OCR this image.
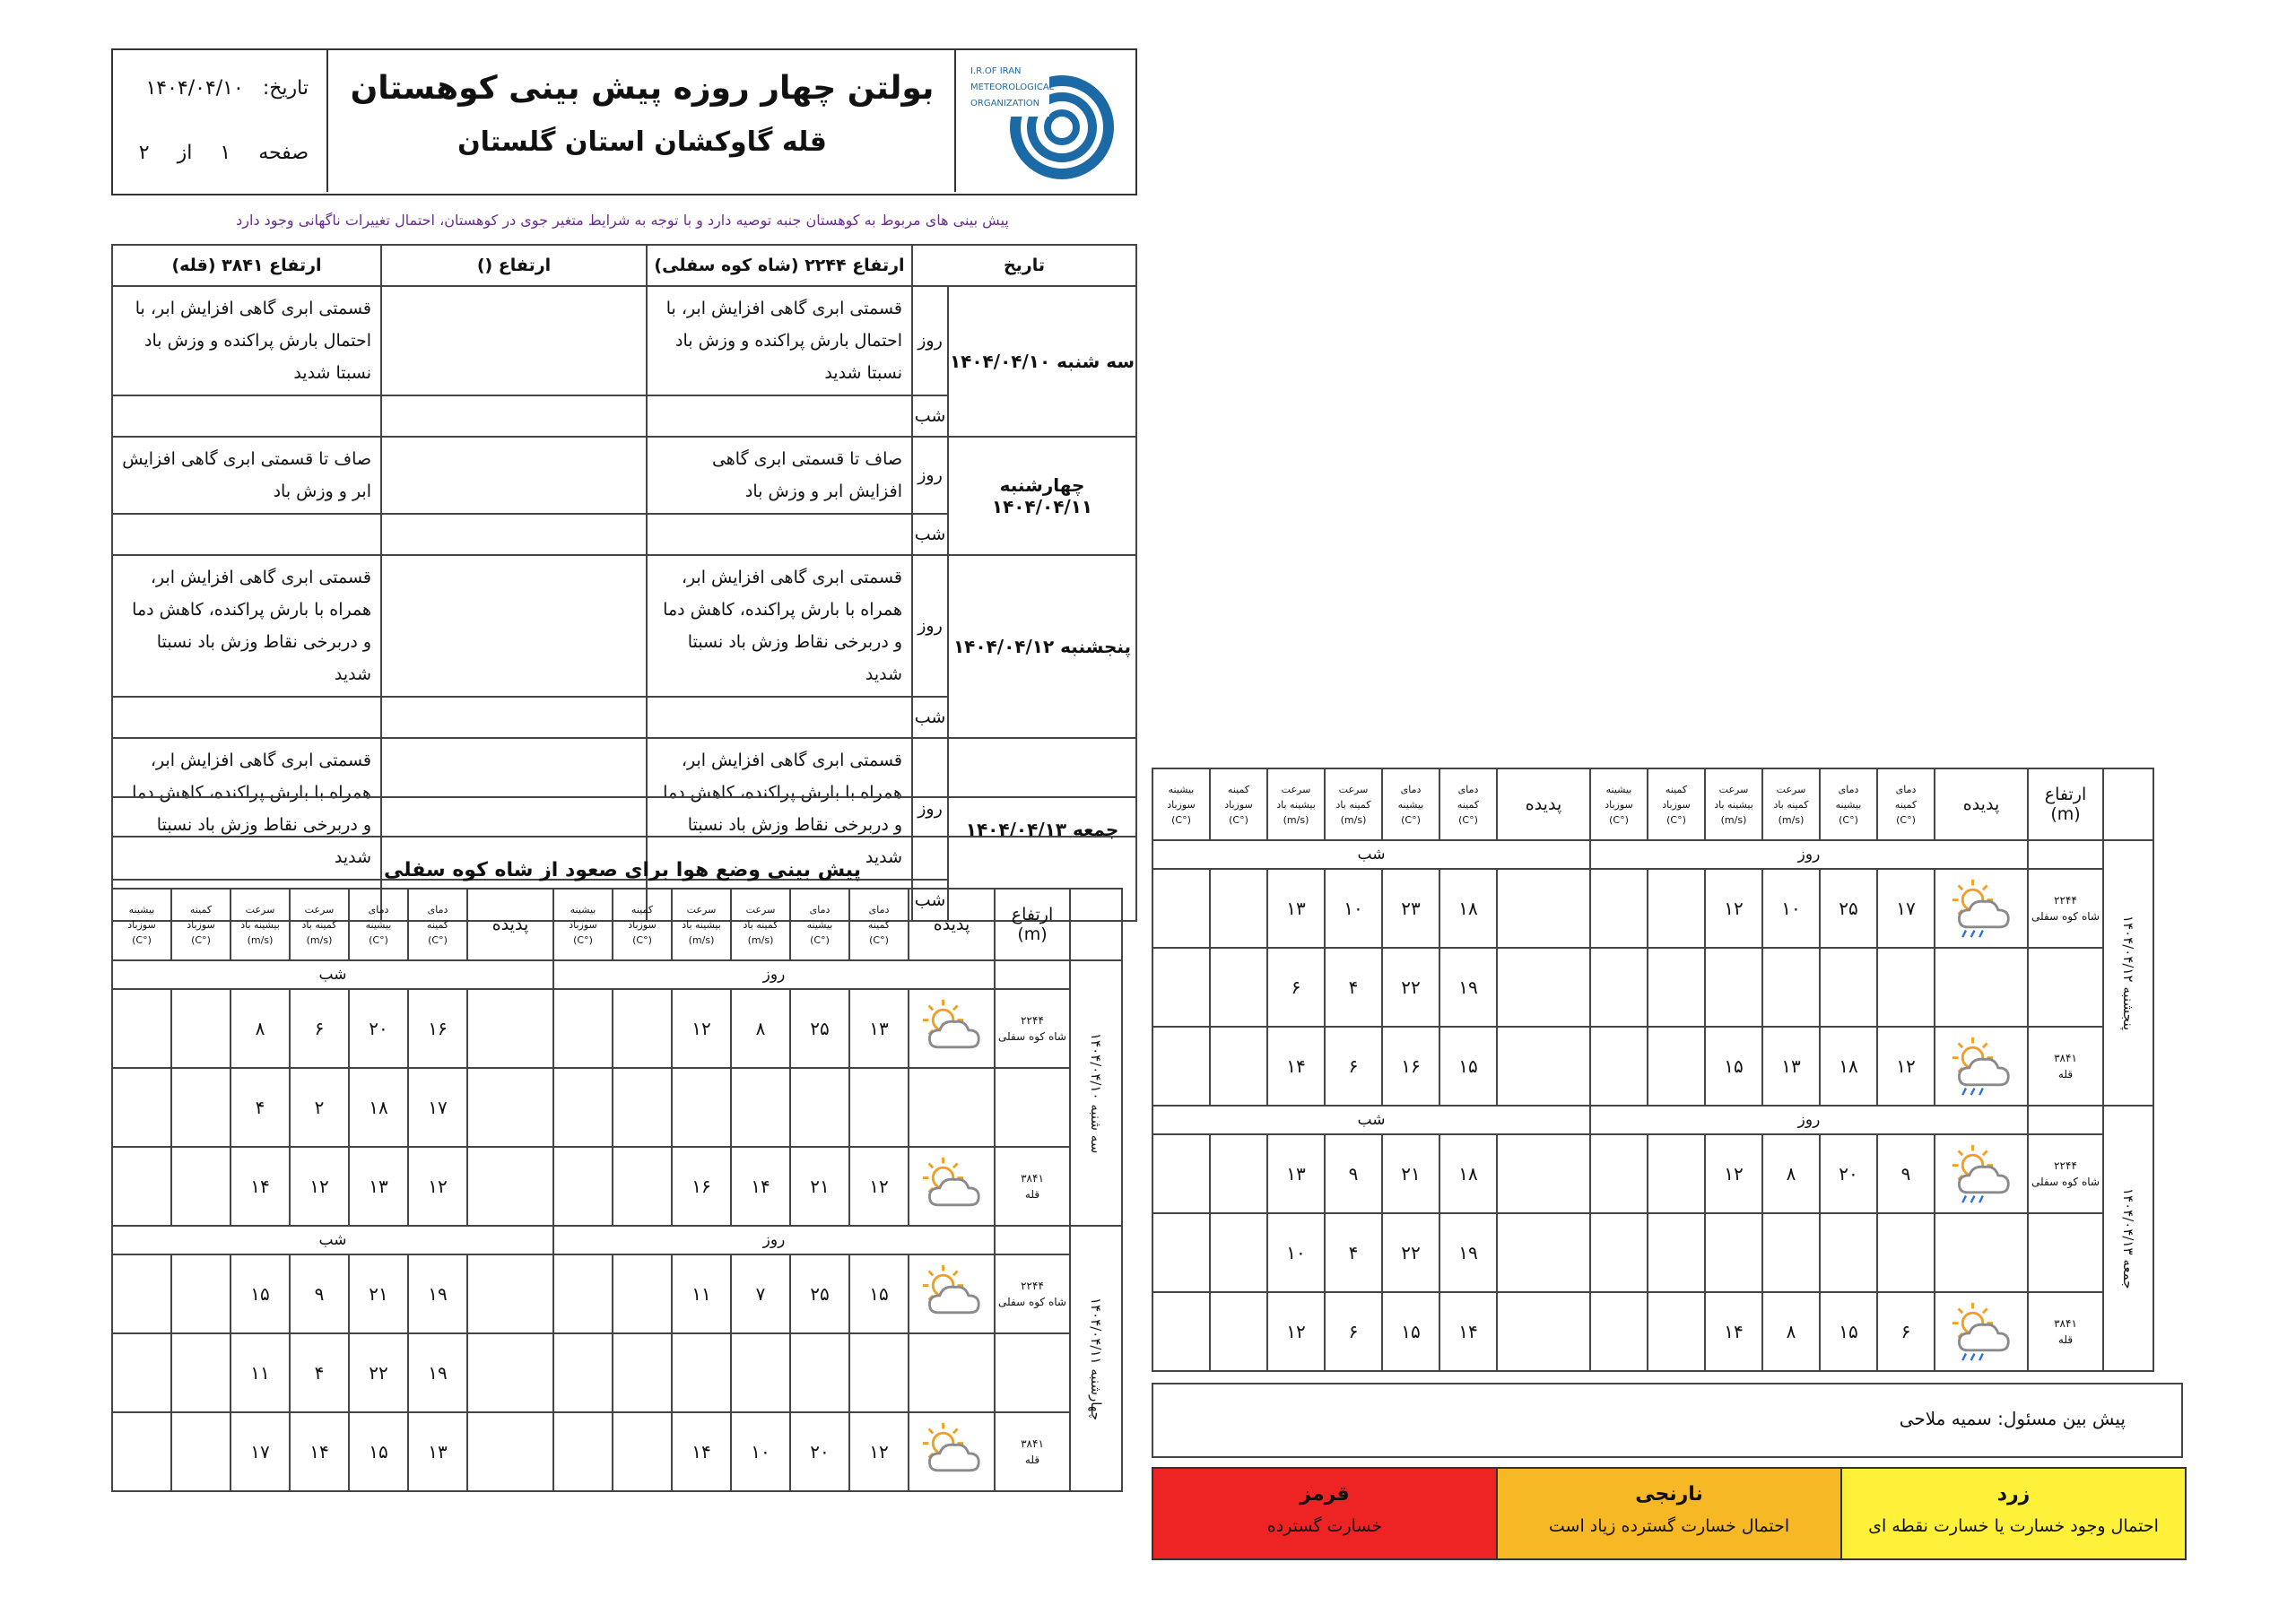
I.R.OF IRAN
METEOROLOGICAL
ORGANIZATION
بولتن چهار روزه پیش بینی کوهستان
قله گاوکشان استان گلستان
تاریخ: ۱۴۰۴/۰۴/۱۰
صفحه ۱ از ۲
پیش بینی های مربوط به کوهستان جنبه توصیه دارد و با توجه به شرایط متغیر جوی در کوهستان، احتمال تغییرات ناگهانی وجود دارد
تاریخ		ارتفاع ۲۲۴۴ (شاه کوه سفلی)	ارتفاع ()	ارتفاع ۳۸۴۱ (قله)
سه شنبه ۱۴۰۴/۰۴/۱۰	روز	قسمتی ابری گاهی افزایش ابر، با احتمال بارش پراکنده و وزش باد نسبتا شدید		قسمتی ابری گاهی افزایش ابر، با احتمال بارش پراکنده و وزش باد نسبتا شدید
	شب			
چهارشنبه ۱۴۰۴/۰۴/۱۱	روز	صاف تا قسمتی ابری گاهی افزایش ابر و وزش باد		صاف تا قسمتی ابری گاهی افزایش ابر و وزش باد
	شب			
پنجشنبه ۱۴۰۴/۰۴/۱۲	روز	قسمتی ابری گاهی افزایش ابر، همراه با بارش پراکنده، کاهش دما و دربرخی نقاط وزش باد نسبتا شدید		قسمتی ابری گاهی افزایش ابر، همراه با بارش پراکنده، کاهش دما و دربرخی نقاط وزش باد نسبتا شدید
	شب			
جمعه ۱۴۰۴/۰۴/۱۳	روز	قسمتی ابری گاهی افزایش ابر، همراه با بارش پراکنده، کاهش دما و دربرخی نقاط وزش باد نسبتا شدید		قسمتی ابری گاهی افزایش ابر، همراه با بارش پراکنده، کاهش دما و دربرخی نقاط وزش باد نسبتا شدید
	شب			
پیش بینی وضع هوا برای صعود از شاه کوه سفلی
	ارتفاع (m)	پدیده	دمای
کمینه
(°C)	دمای
بیشینه
(°C)	سرعت
کمینه باد
(m/s)	سرعت
بیشینه باد
(m/s)	کمینه
سوزباد
(°C)	بیشینه
سوزباد
(°C)	پدیده	دمای
کمینه
(°C)	دمای
بیشینه
(°C)	سرعت
کمینه باد
(m/s)	سرعت
بیشینه باد
(m/s)	کمینه
سوزباد
(°C)	بیشینه
سوزباد
(°C)
سه شنبه ۱۴۰۴/۰۴/۱۰		روز							شب						
	۲۲۴۴
شاه کوه سفلی		۱۳	۲۵	۸	۱۲				۱۶	۲۰	۶	۸		
										۱۷	۱۸	۲	۴		
	۳۸۴۱
قله		۱۲	۲۱	۱۴	۱۶				۱۲	۱۳	۱۲	۱۴		
چهارشنبه ۱۴۰۴/۰۴/۱۱		روز							شب						
	۲۲۴۴
شاه کوه سفلی		۱۵	۲۵	۷	۱۱				۱۹	۲۱	۹	۱۵		
										۱۹	۲۲	۴	۱۱		
	۳۸۴۱
قله		۱۲	۲۰	۱۰	۱۴				۱۳	۱۵	۱۴	۱۷		
	ارتفاع (m)	پدیده	دمای
کمینه
(°C)	دمای
بیشینه
(°C)	سرعت
کمینه باد
(m/s)	سرعت
بیشینه باد
(m/s)	کمینه
سوزباد
(°C)	بیشینه
سوزباد
(°C)	پدیده	دمای
کمینه
(°C)	دمای
بیشینه
(°C)	سرعت
کمینه باد
(m/s)	سرعت
بیشینه باد
(m/s)	کمینه
سوزباد
(°C)	بیشینه
سوزباد
(°C)
پنجشنبه ۱۴۰۴/۰۴/۱۲		روز							شب						
	۲۲۴۴
شاه کوه سفلی		۱۷	۲۵	۱۰	۱۲				۱۸	۲۳	۱۰	۱۳		
										۱۹	۲۲	۴	۶		
	۳۸۴۱
قله		۱۲	۱۸	۱۳	۱۵				۱۵	۱۶	۶	۱۴		
جمعه ۱۴۰۴/۰۴/۱۳		روز							شب						
	۲۲۴۴
شاه کوه سفلی		۹	۲۰	۸	۱۲				۱۸	۲۱	۹	۱۳		
										۱۹	۲۲	۴	۱۰		
	۳۸۴۱
قله		۶	۱۵	۸	۱۴				۱۴	۱۵	۶	۱۲		
پیش بین مسئول: سمیه ملاحی
زرد
احتمال وجود خسارت یا خسارت نقطه ای
نارنجی
احتمال خسارت گسترده زیاد است
قرمز
خسارت گسترده
